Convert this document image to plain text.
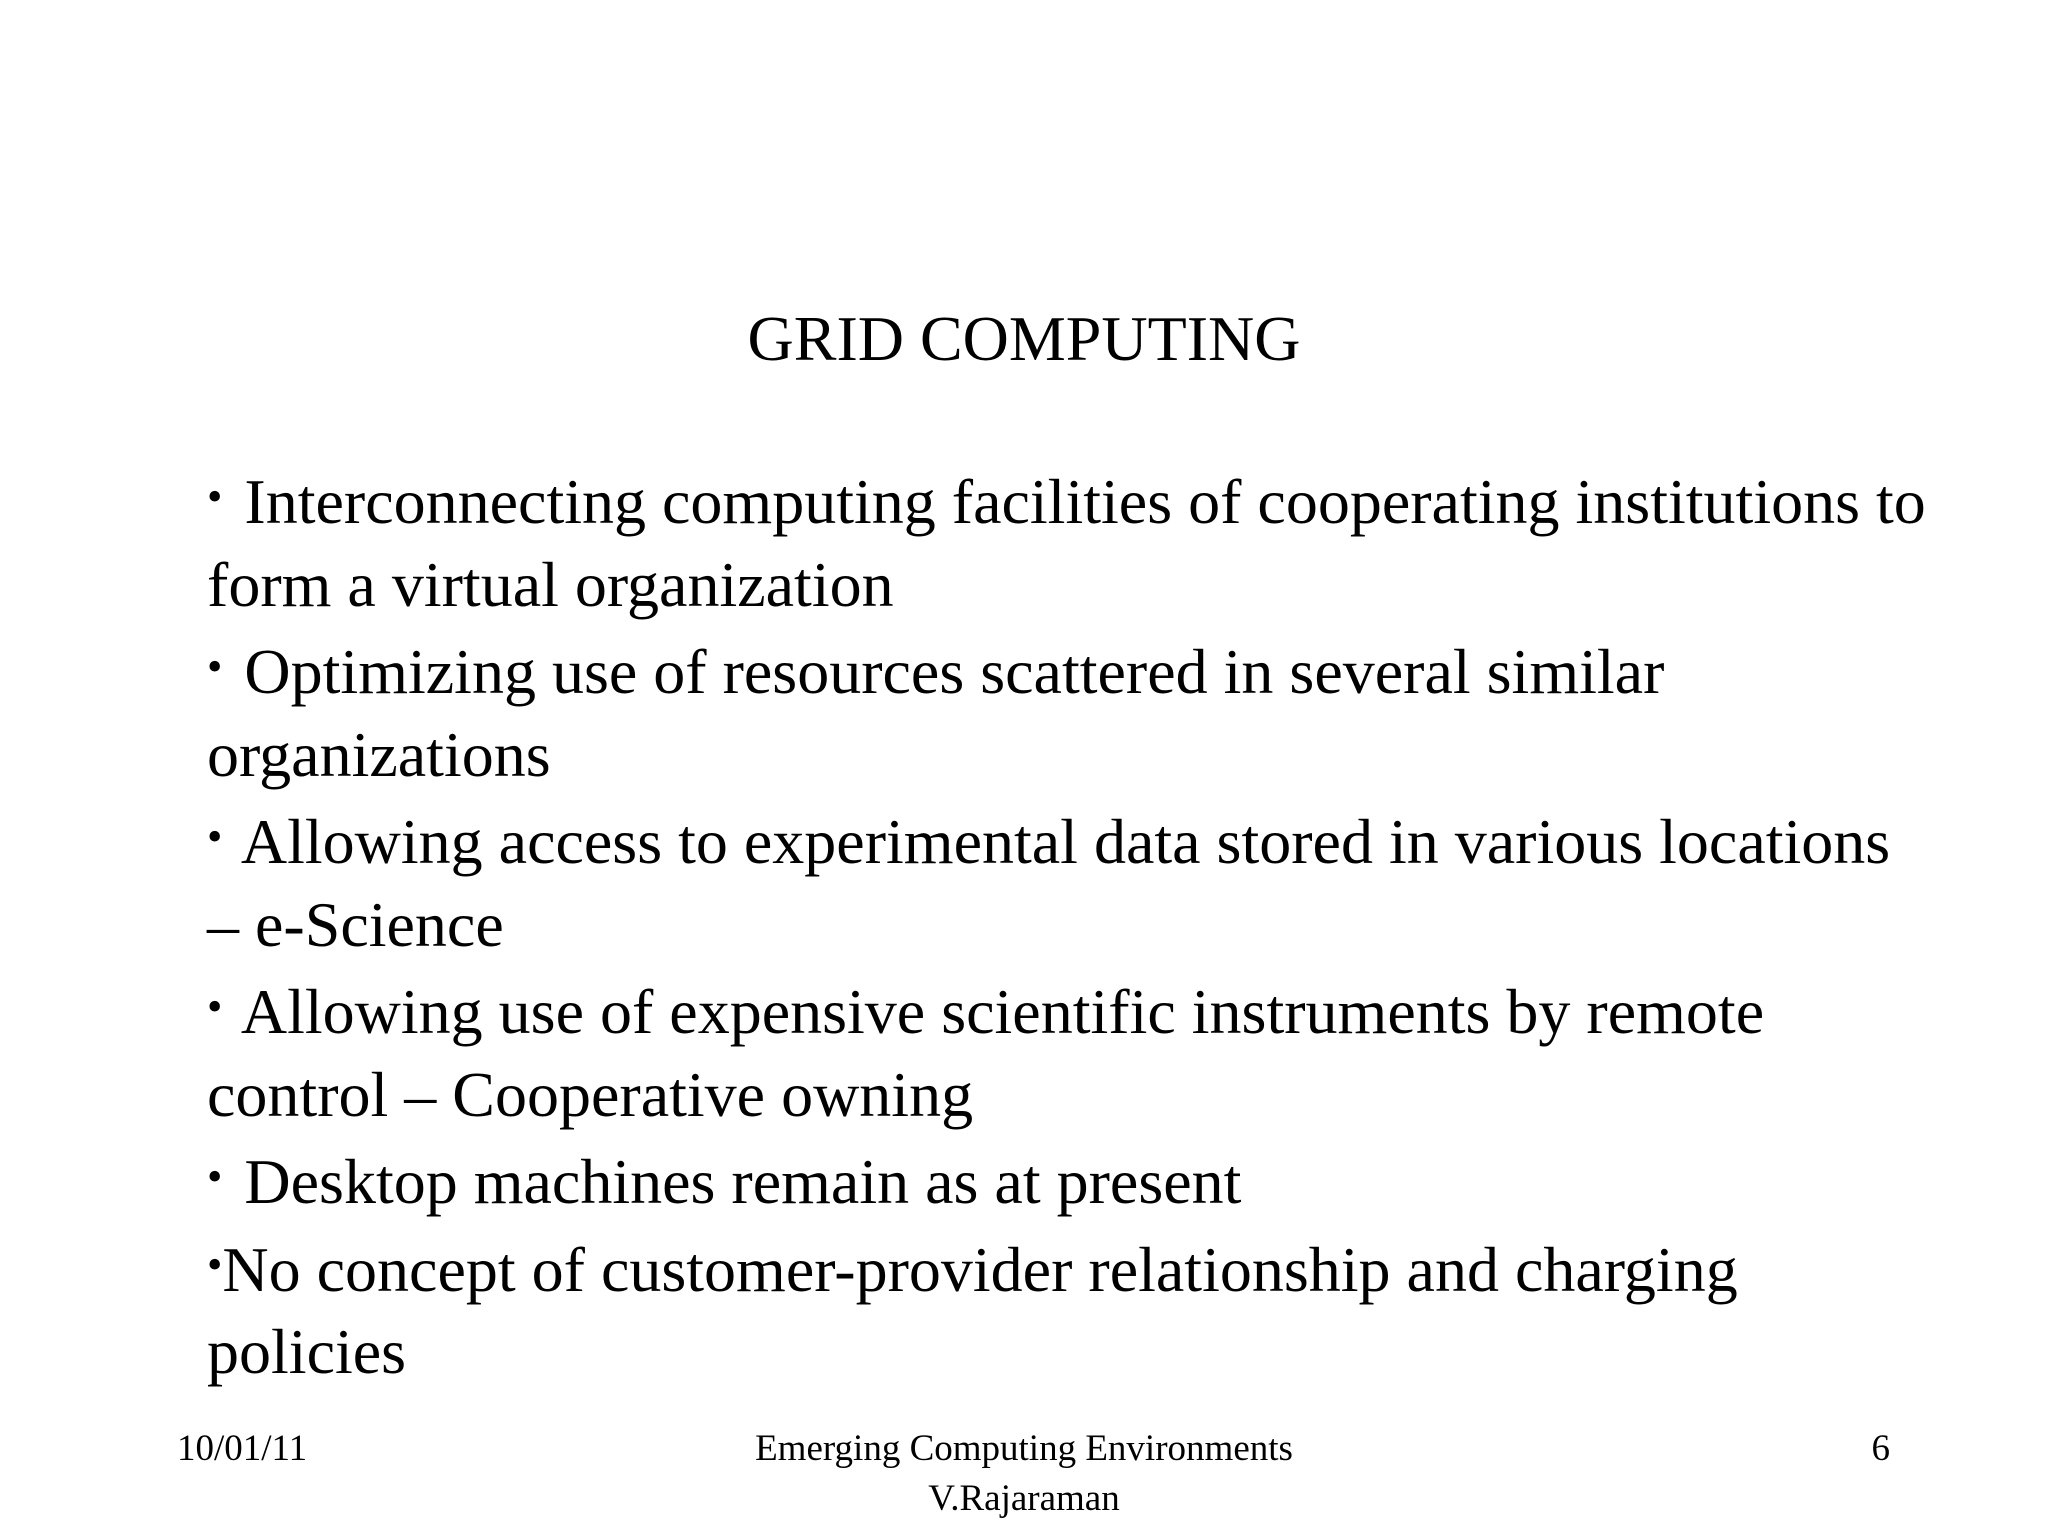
GRID COMPUTING

• Interconnecting computing facilities of cooperating institutions to form a virtual organization

• Optimizing use of resources scattered in several similar organizations

• Allowing access to experimental data stored in various locations – e-Science

• Allowing use of expensive scientific instruments by remote control – Cooperative owning

• Desktop machines remain as at present

•No concept of customer-provider relationship and charging policies

10/01/11	Emerging Computing Environments
V.Rajaraman
6
